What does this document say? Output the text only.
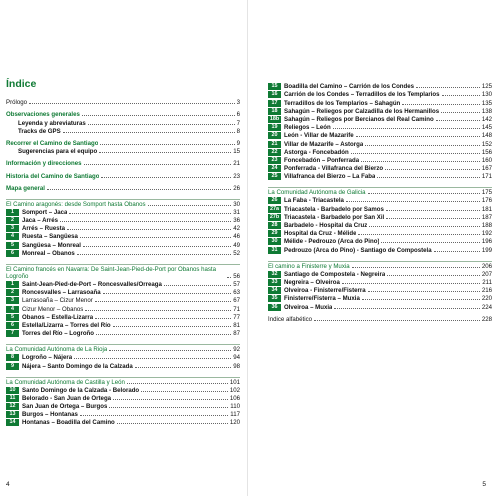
Índice
Prólogo	3
Observaciones generales	6
Leyenda y abreviaturas	7
Tracks de GPS	8
Recorrer el Camino de Santiago	9
Sugerencias para el equipo	15
Información y direcciones	21
Historia del Camino de Santiago	23
Mapa general	26
El Camino aragonés: desde Somport hasta Obanos	30
1 Somport – Jaca	31
2 Jaca – Arrés	36
3 Arrés – Ruesta	42
4 Ruesta – Sangüesa	46
5 Sangüesa – Monreal	49
6 Monreal – Obanos	52
El Camino francés en Navarra: De Saint-Jean-Pied-de-Port por Obanos hasta Logroño	56
1 Saint-Jean-Pied-de-Port – Roncesvalles/Orreaga	57
2 Roncesvalles – Larrasoaña	63
3 Larrasoaña – Cizur Menor	67
4 Cizur Menor – Obanos	71
5 Obanos – Estella-Lizarra	77
6 Estella/Lizarra – Torres del Río	81
7 Torres del Río – Logroño	87
La Comunidad Autónoma de La Rioja	92
8 Logroño – Nájera	94
9 Nájera – Santo Domingo de la Calzada	98
La Comunidad Autónoma de Castilla y León	101
10 Santo Domingo de la Calzada - Belorado	102
11 Belorado - San Juan de Ortega	106
12 San Juan de Ortega – Burgos	110
13 Burgos – Hontanas	117
14 Hontanas – Boadilla del Camino	120
4
15 Boadilla del Camino – Carrión de los Condes	125
16 Carrión de los Condes – Terradillos de los Templarios	130
17 Terradillos de los Templarios – Sahagún	135
18 Sahagún – Reliegos por Calzadilla de los Hermanillos	138
18b Sahagún – Reliegos por Bercianos del Real Camino	142
19 Reliegos – León	145
20 León - Villar de Mazarife	148
21 Villar de Mazarife – Astorga	152
22 Astorga - Foncebadón	156
23 Foncebadón – Ponferrada	160
24 Ponferrada - Villafranca del Bierzo	167
25 Villafranca del Bierzo – La Faba	171
La Comunidad Autónoma de Galicia	175
26 La Faba - Triacastela	176
27a Triacastela - Barbadelo por Samos	181
27b Triacastela - Barbadelo por San Xil	187
28 Barbadelo - Hospital da Cruz	188
29 Hospital da Cruz - Mélide	192
30 Mélide - Pedrouzo (Arca do Pino)	196
31 Pedrouzo (Arca do Pino) - Santiago de Compostela	199
El camino a Finisterre y Muxia	206
32 Santiago de Compostela - Negreira	207
33 Negreira – Olveiroa	211
34 Olveiroa - Finisterre/Fisterra	216
35 Finisterre/Fisterra – Muxia	220
36 Olveiroa – Muxia	224
Índice alfabético	228
5
